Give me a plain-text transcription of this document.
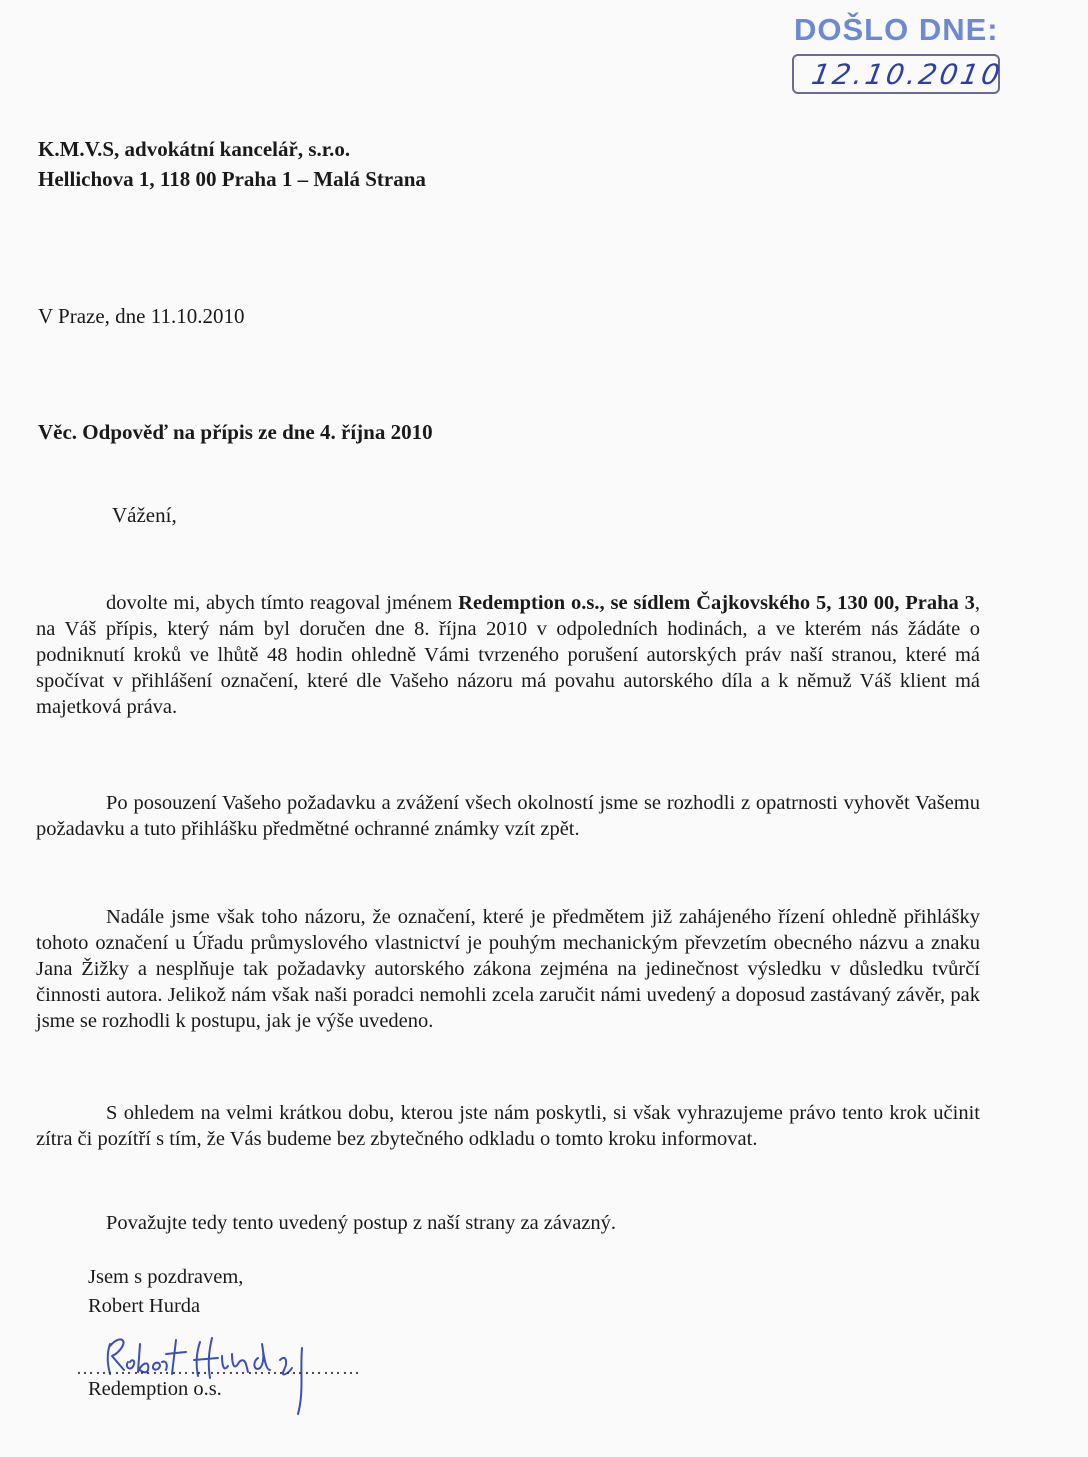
DOŠLO DNE:
12.10.2010
K.M.V.S, advokátní kancelář, s.r.o.
Hellichova 1, 118 00 Praha 1 – Malá Strana
V Praze, dne 11.10.2010
Věc. Odpověď na přípis ze dne 4. října 2010
Vážení,

dovolte mi, abych tímto reagoval jménem Redemption o.s., se sídlem Čajkovského 5, 130 00, Praha 3, na Váš přípis, který nám byl doručen dne 8. října 2010 v odpoledních hodinách, a ve kterém nás žádáte o podniknutí kroků ve lhůtě 48 hodin ohledně Vámi tvrzeného porušení autorských práv naší stranou, které má spočívat v přihlášení označení, které dle Vašeho názoru má povahu autorského díla a k němuž Váš klient má majetková práva.

Po posouzení Vašeho požadavku a zvážení všech okolností jsme se rozhodli z opatrnosti vyhovět Vašemu požadavku a tuto přihlášku předmětné ochranné známky vzít zpět.

Nadále jsme však toho názoru, že označení, které je předmětem již zahájeného řízení ohledně přihlášky tohoto označení u Úřadu průmyslového vlastnictví je pouhým mechanickým převzetím obecného názvu a znaku Jana Žižky a nesplňuje tak požadavky autorského zákona zejména na jedinečnost výsledku v důsledku tvůrčí činnosti autora. Jelikož nám však naši poradci nemohli zcela zaručit námi uvedený a doposud zastávaný závěr, pak jsme se rozhodli k postupu, jak je výše uvedeno.

S ohledem na velmi krátkou dobu, kterou jste nám poskytli, si však vyhrazujeme právo tento krok učinit zítra či pozítří s tím, že Vás budeme bez zbytečného odkladu o tomto kroku informovat.

Považujte tedy tento uvedený postup z naší strany za závazný.

Jsem s pozdravem,
Robert Hurda
………………………………………
Redemption o.s.
